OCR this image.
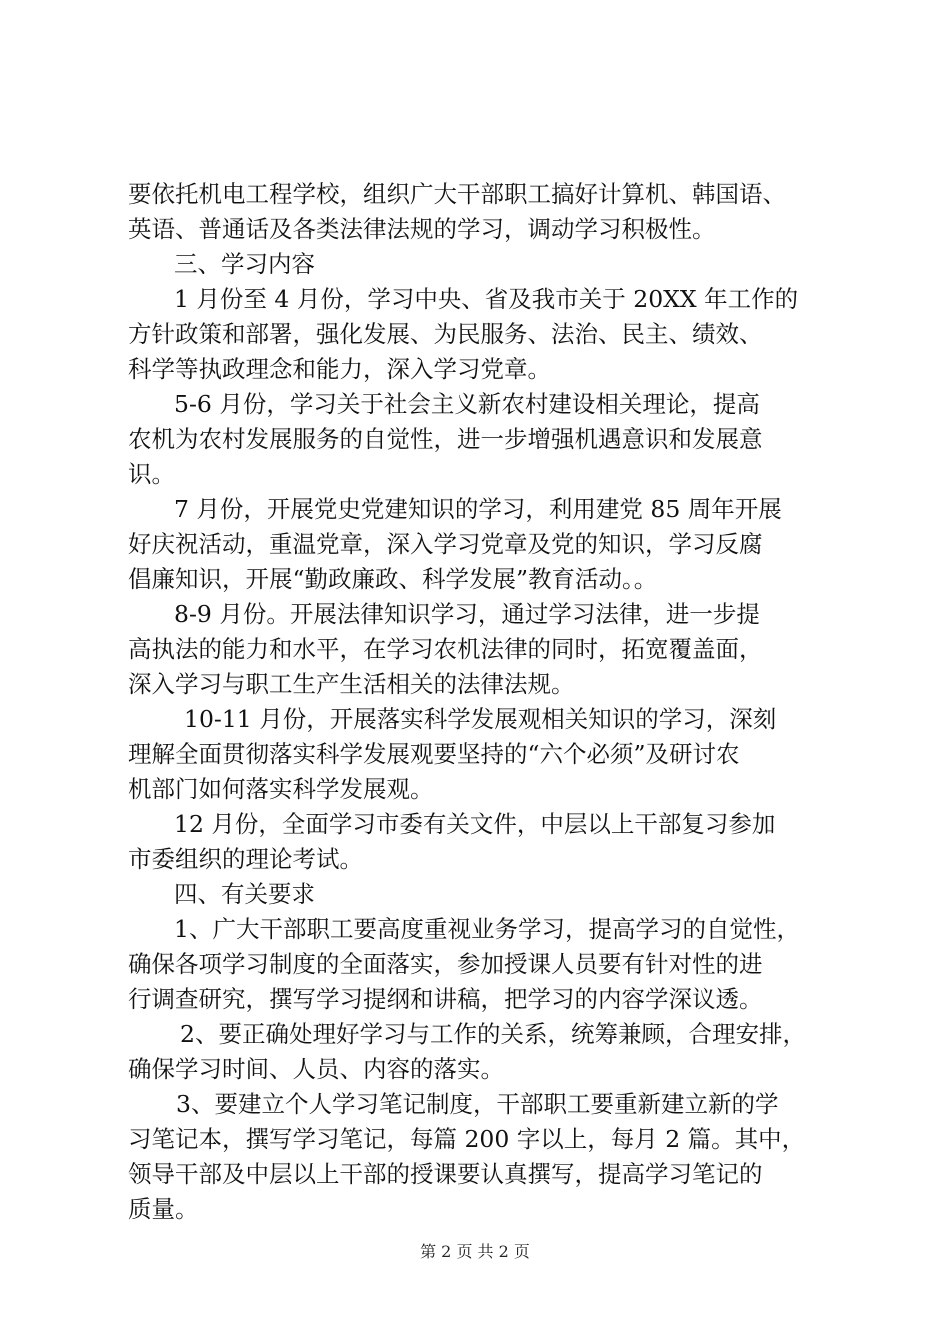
要依托机电工程学校，组织广大干部职工搞好计算机、韩国语、
英语、普通话及各类法律法规的学习，调动学习积极性。
三、学习内容
1 月份至 4 月份，学习中央、省及我市关于 20XX 年工作的
方针政策和部署，强化发展、为民服务、法治、民主、绩效、
科学等执政理念和能力，深入学习党章。
5-6 月份，学习关于社会主义新农村建设相关理论，提高
农机为农村发展服务的自觉性，进一步增强机遇意识和发展意
识。
7 月份，开展党史党建知识的学习，利用建党 85 周年开展
好庆祝活动，重温党章，深入学习党章及党的知识，学习反腐
倡廉知识，开展“勤政廉政、科学发展”教育活动。。
8-9 月份。开展法律知识学习，通过学习法律，进一步提
高执法的能力和水平，在学习农机法律的同时，拓宽覆盖面，
深入学习与职工生产生活相关的法律法规。
10-11 月份，开展落实科学发展观相关知识的学习，深刻
理解全面贯彻落实科学发展观要坚持的“六个必须”及研讨农
机部门如何落实科学发展观。
12 月份，全面学习市委有关文件，中层以上干部复习参加
市委组织的理论考试。
四、有关要求
1、广大干部职工要高度重视业务学习，提高学习的自觉性，
确保各项学习制度的全面落实，参加授课人员要有针对性的进
行调查研究，撰写学习提纲和讲稿，把学习的内容学深议透。
2、要正确处理好学习与工作的关系，统筹兼顾，合理安排，
确保学习时间、人员、内容的落实。
3、要建立个人学习笔记制度，干部职工要重新建立新的学
习笔记本，撰写学习笔记，每篇 200 字以上，每月 2 篇。其中，
领导干部及中层以上干部的授课要认真撰写，提高学习笔记的
质量。
第 2 页 共 2 页
